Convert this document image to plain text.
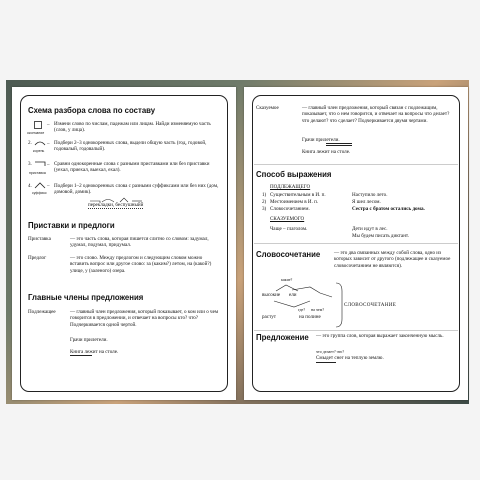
Схема разбора слова по составу
окончание
– Измени слово по числам, падежам или лицам. Найди изменяемую часть (слов, у лица).
2.
корень
– Подбери 2–3 однокоренных слова, выдели общую часть (год, годовой, годовалый, годовалый).
3.
приставка
– Сравни однокоренные слова с разными приставками или без приставки (уехал, приехал, выехал, ехал).
4.
суффикс
– Подбери 1–2 однокоренных слова с разными суффиксами или без них (дом, домовой, домик).
перекладки, беспушныйй
Приставки и предлоги
Приставка	— это часть слова, которая пишется слитно со словом: задумал, удумал, подумал, придумал.
Предлог	— это слово. Между предлогом и следующим словом можно вставить вопрос или другое слово: за (каким?) летом, на (какой?) улице, у (заленого) озера.
Главные члены предложения
Подлежащее	— главный член предложения, который показывает, о ком или о чем говорится в предложении, и отвечает на вопросы кто? что? Подчеркивается одной чертой.
Грачи прилетели.
Книга лежит на столе.
Сказуемое	— главный член предложения, который связан с подлежащим, показывает, что о нем говорится, и отвечает на вопросы что делает? что делают? что сделает? Подчеркивается двумя чертами.
Грачи прилетели.
Книга лежит на столе.
Способ выражения
ПОДЛЕЖАЩЕГО
1) Существительным в И. п.	Наступило лето.
2) Местоимением в И. п.	Я шел лесом.
3) Словосочетанием.	Сестра с братом остались дома.
СКАЗУЕМОГО
Чаще – глаголом.	Дети идут в лес.
Мы будем писать диктант.
Словосочетание	— это два связанных между собой слова, одно из которых зависит от другого (подлежащее и сказуемое словосочетанием не являются).
какие?
высокие
где? на чем?
ели
растут	на полине
СЛОВОСОЧЕТАНИЕ
Предложение — это группа слов, которая выражает законченную мысль.
что делает? что?
Смыдет снег на теплую землю.
